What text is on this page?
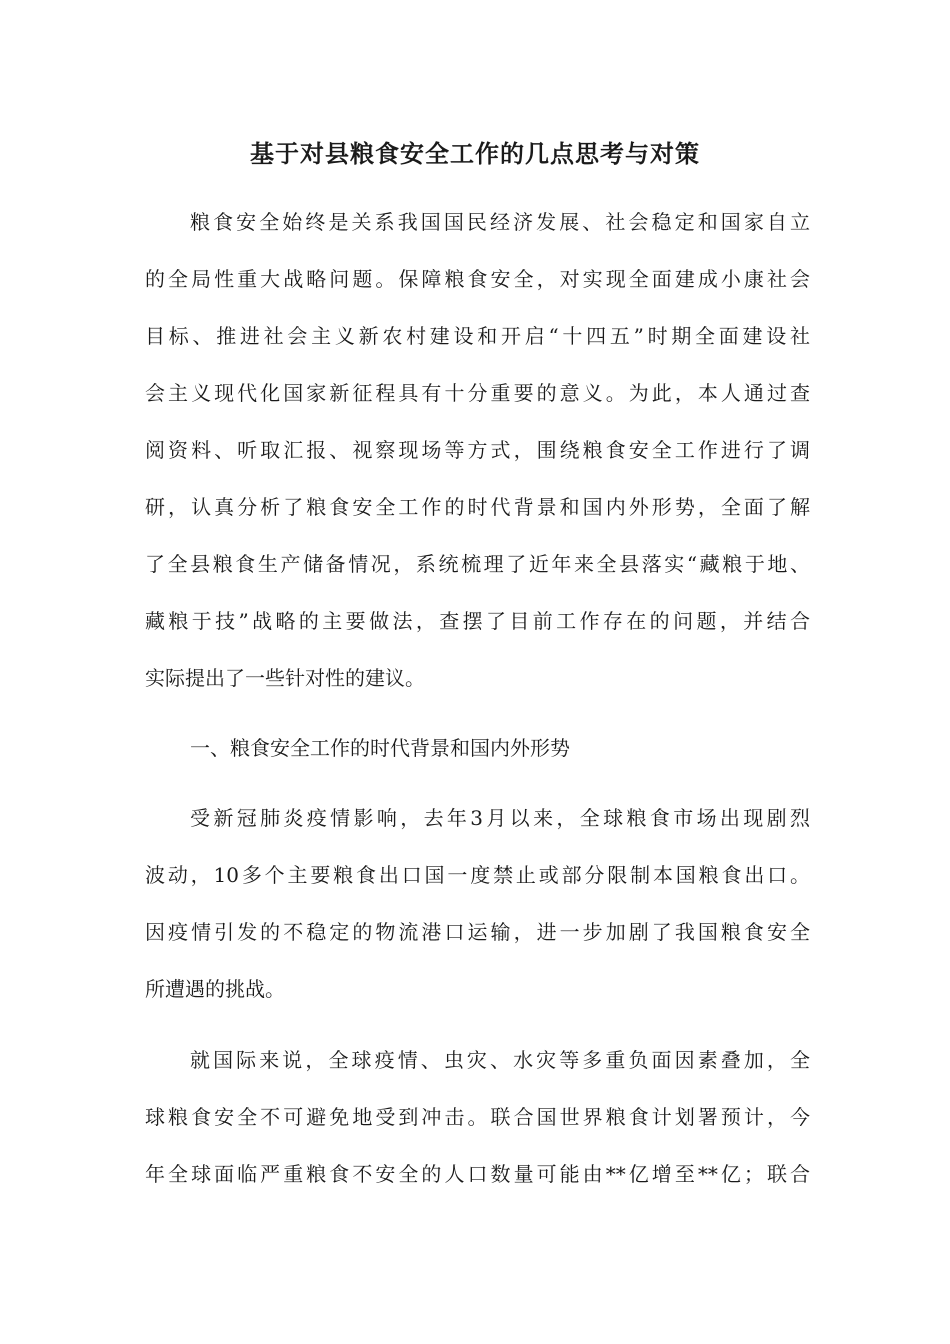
基于对县粮食安全工作的几点思考与对策
粮食安全始终是关系我国国民经济发展、社会稳定和国家自立
的全局性重大战略问题。保障粮食安全，对实现全面建成小康社会
目标、推进社会主义新农村建设和开启“十四五”时期全面建设社
会主义现代化国家新征程具有十分重要的意义。为此，本人通过查
阅资料、听取汇报、视察现场等方式，围绕粮食安全工作进行了调
研，认真分析了粮食安全工作的时代背景和国内外形势，全面了解
了全县粮食生产储备情况，系统梳理了近年来全县落实“藏粮于地、
藏粮于技”战略的主要做法，查摆了目前工作存在的问题，并结合
实际提出了一些针对性的建议。
一、粮食安全工作的时代背景和国内外形势
受新冠肺炎疫情影响，去年3月以来，全球粮食市场出现剧烈
波动，10多个主要粮食出口国一度禁止或部分限制本国粮食出口。
因疫情引发的不稳定的物流港口运输，进一步加剧了我国粮食安全
所遭遇的挑战。
就国际来说，全球疫情、虫灾、水灾等多重负面因素叠加，全
球粮食安全不可避免地受到冲击。联合国世界粮食计划署预计，今
年全球面临严重粮食不安全的人口数量可能由**亿增至**亿；联合
